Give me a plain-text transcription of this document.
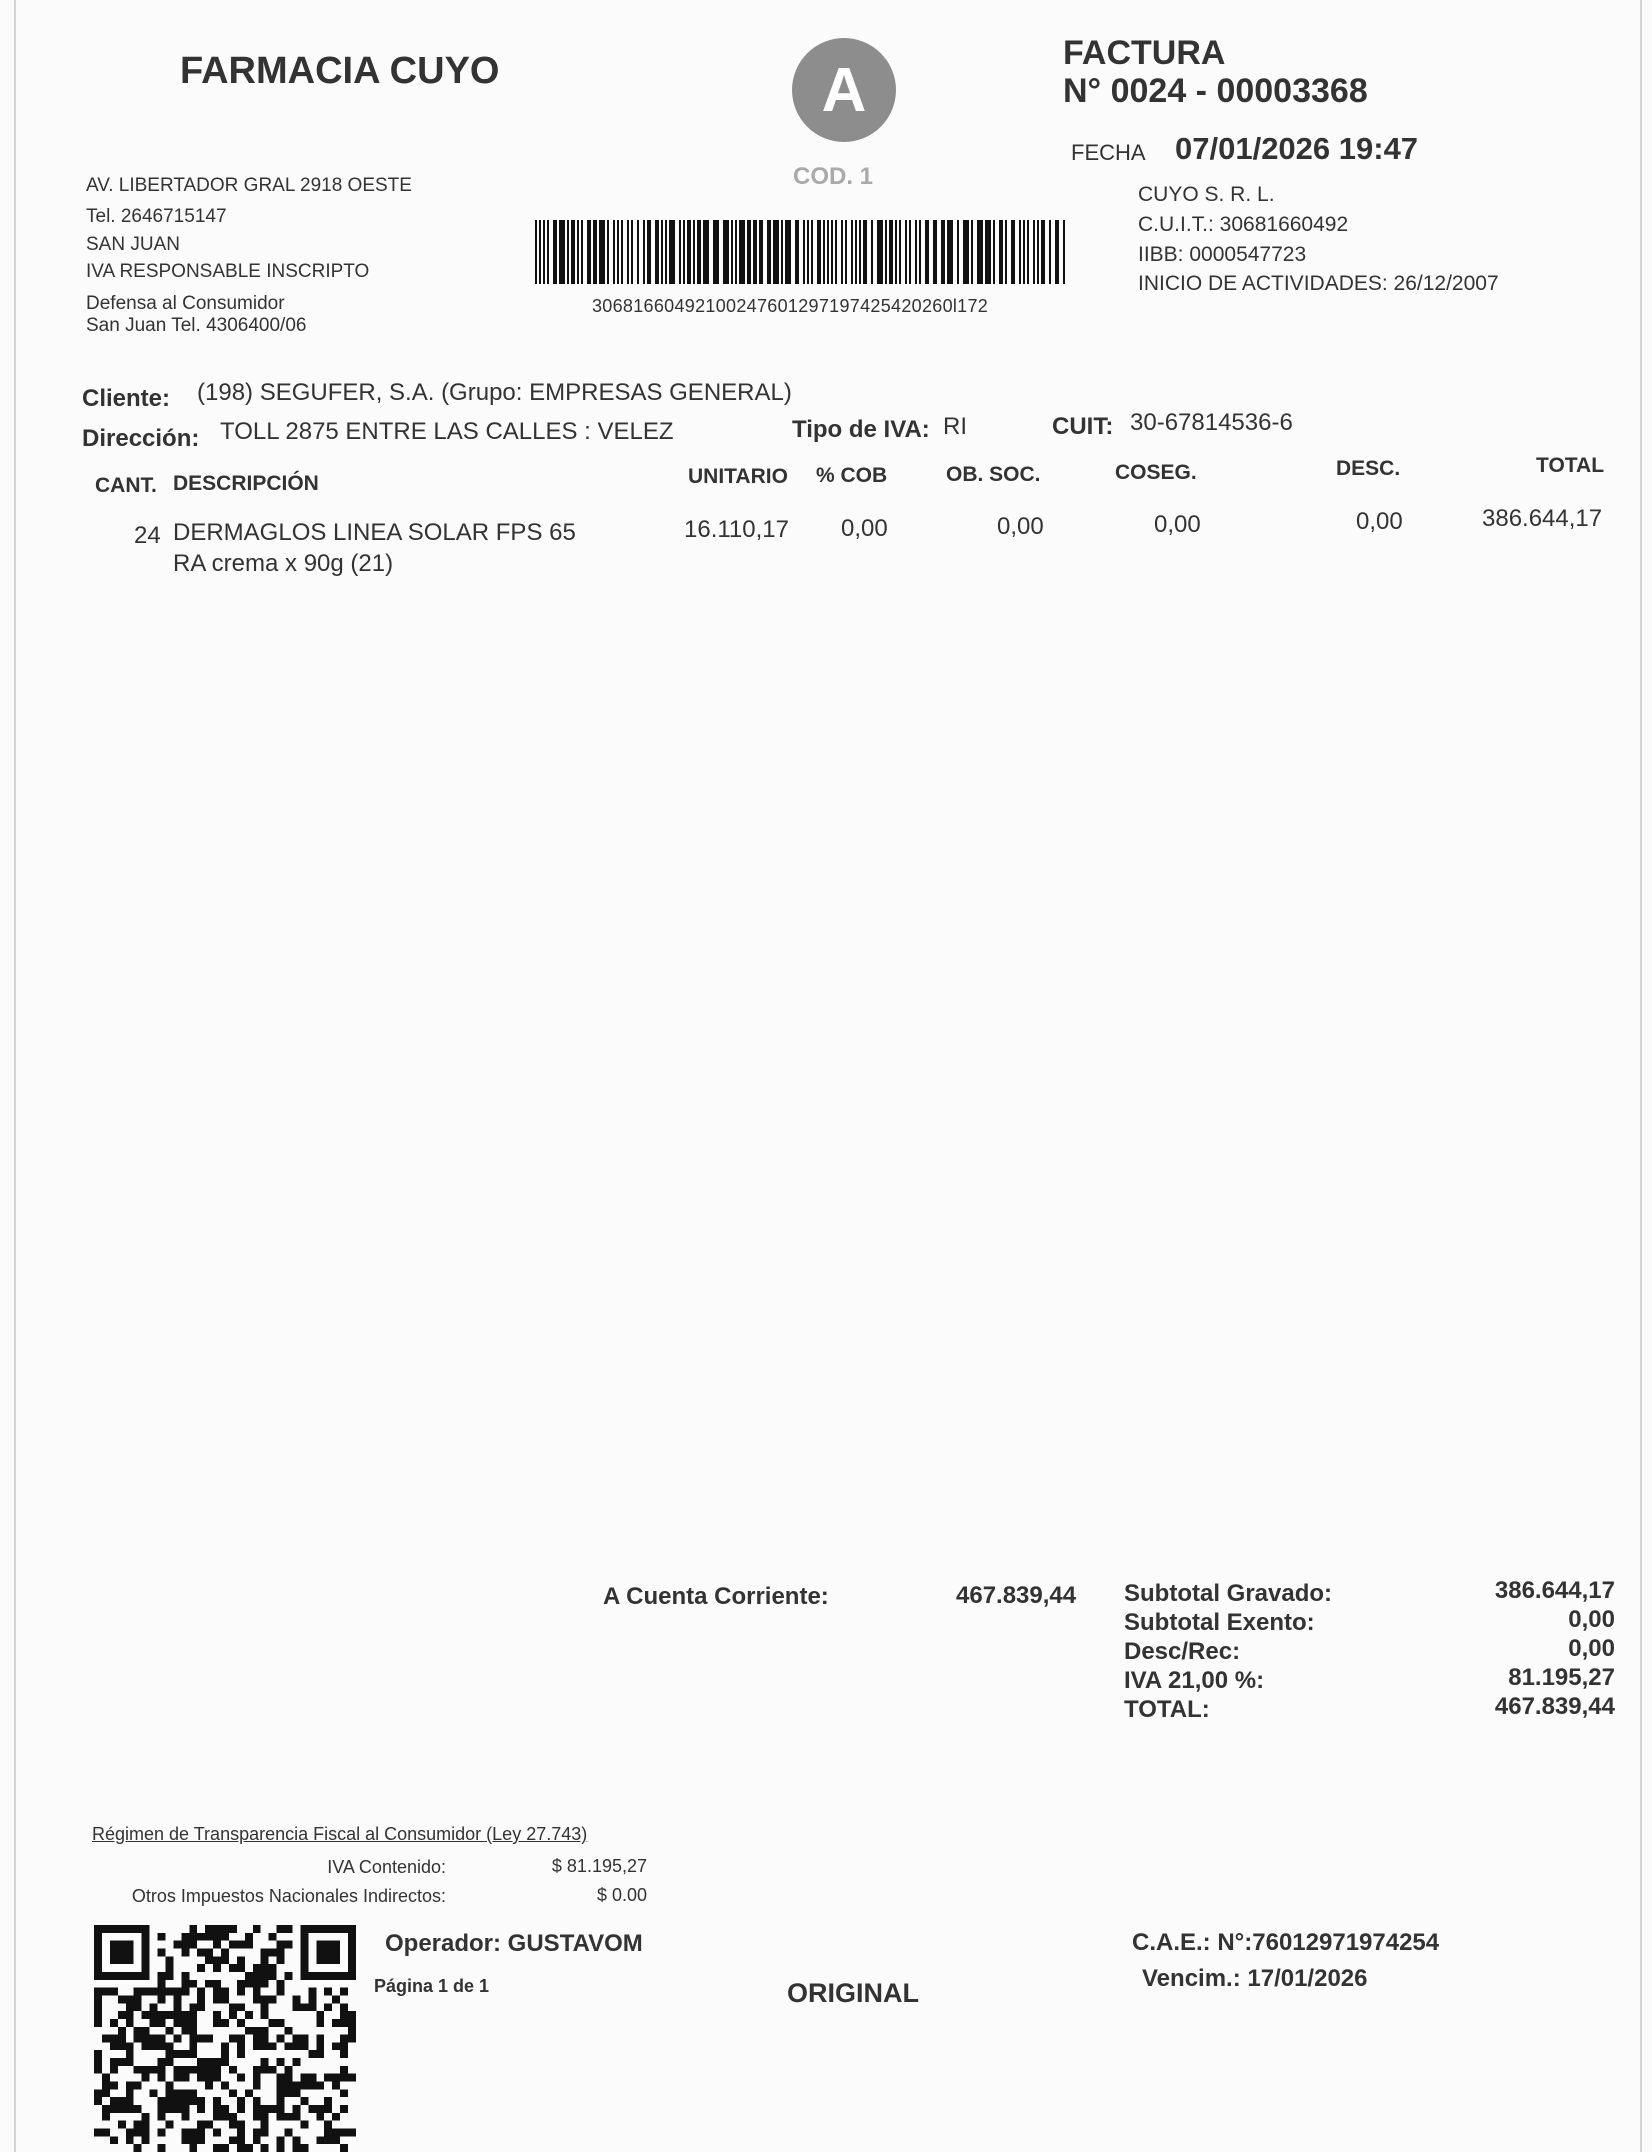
FARMACIA CUYO
AV. LIBERTADOR GRAL 2918 OESTE
Tel. 2646715147
SAN JUAN
IVA RESPONSABLE INSCRIPTO
Defensa al Consumidor
San Juan Tel. 4306400/06
A
COD. 1
30681660492100247601297197425420260l172
FACTURA
N° 0024 - 00003368
FECHA 07/01/2026 19:47
CUYO S. R. L.
C.U.I.T.: 30681660492
IIBB: 0000547723
INICIO DE ACTIVIDADES: 26/12/2007
Cliente: (198) SEGUFER, S.A. (Grupo: EMPRESAS GENERAL)
Dirección: TOLL 2875 ENTRE LAS CALLES : VELEZ	Tipo de IVA: RI	CUIT: 30-67814536-6
CANT. DESCRIPCIÓN	UNITARIO % COB	OB. SOC.	COSEG.	DESC.	TOTAL
24 DERMAGLOS LINEA SOLAR FPS 65
RA crema x 90g (21)
16.110,17 0,00	0,00	0,00	0,00	386.644,17
A Cuenta Corriente:	467.839,44 Subtotal Gravado:	386.644,17
Subtotal Exento:	0,00
Desc/Rec:	0,00
IVA 21,00 %:	81.195,27
TOTAL:	467.839,44
Régimen de Transparencia Fiscal al Consumidor (Ley 27.743)
IVA Contenido:	$ 81.195,27
Otros Impuestos Nacionales Indirectos:	$ 0.00
Operador: GUSTAVOM
Página 1 de 1	ORIGINAL
C.A.E.: N°:76012971974254
Vencim.: 17/01/2026
